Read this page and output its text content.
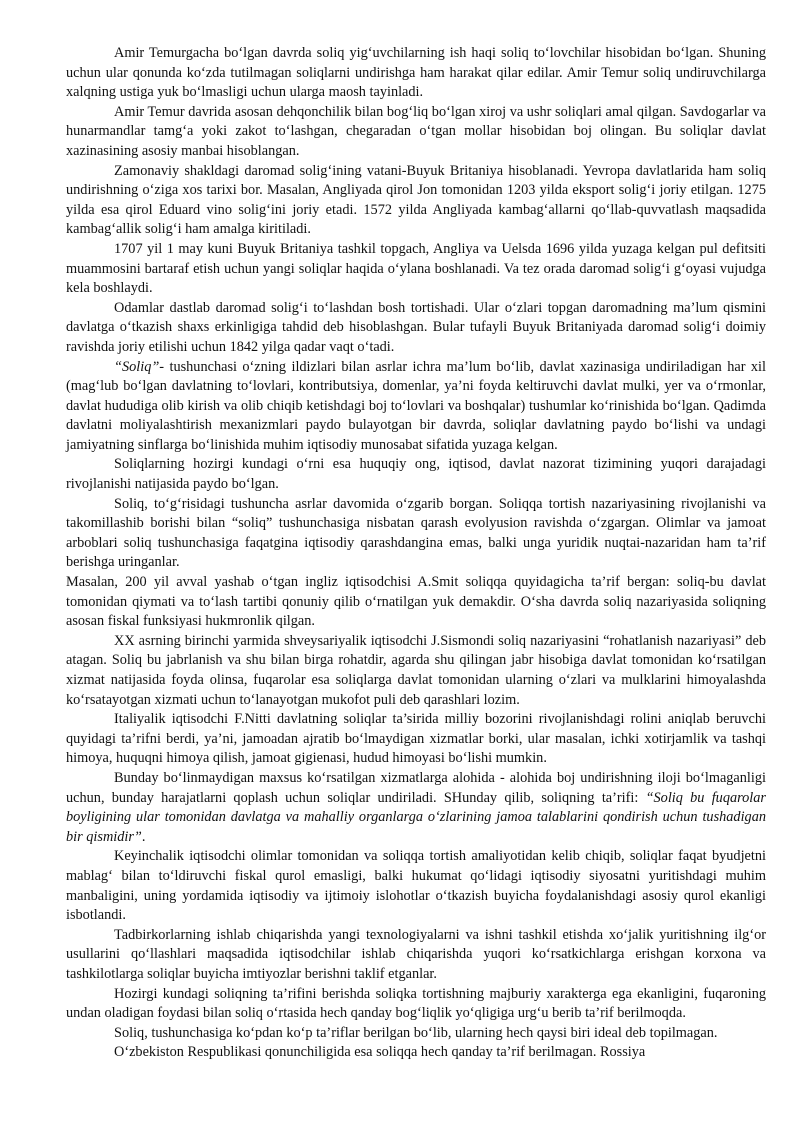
Amir Temurgacha bo‘lgan davrda soliq yig‘uvchilarning ish haqi soliq to‘lovchilar hisobidan bo‘lgan. Shuning uchun ular qonunda ko‘zda tutilmagan soliqlarni undirishga ham harakat qilar edilar. Amir Temur soliq undiruvchilarga xalqning ustiga yuk bo‘lmasligi uchun ularga maosh tayinladi.

Amir Temur davrida asosan dehqonchilik bilan bog‘liq bo‘lgan xiroj va ushr soliqlari amal qilgan. Savdogarlar va hunarmandlar tamg‘a yoki zakot to‘lashgan, chegaradan o‘tgan mollar hisobidan boj olingan. Bu soliqlar davlat xazinasining asosiy manbai hisoblangan.

Zamonaviy shakldagi daromad solig‘ining vatani-Buyuk Britaniya hisoblanadi. Yevropa davlatlarida ham soliq undirishning o‘ziga xos tarixi bor. Masalan, Angliyada qirol Jon tomonidan 1203 yilda eksport solig‘i joriy etilgan. 1275 yilda esa qirol Eduard vino solig‘ini joriy etadi. 1572 yilda Angliyada kambag‘allarni qo‘llab-quvvatlash maqsadida kambag‘allik solig‘i ham amalga kiritiladi.

1707 yil 1 may kuni Buyuk Britaniya tashkil topgach, Angliya va Uelsda 1696 yilda yuzaga kelgan pul defitsiti muammosini bartaraf etish uchun yangi soliqlar haqida o‘ylana boshlanadi. Va tez orada daromad solig‘i g‘oyasi vujudga kela boshlaydi.

Odamlar dastlab daromad solig‘i to‘lashdan bosh tortishadi. Ular o‘zlari topgan daromadning ma’lum qismini davlatga o‘tkazish shaxs erkinligiga tahdid deb hisoblashgan. Bular tufayli Buyuk Britaniyada daromad solig‘i doimiy ravishda joriy etilishi uchun 1842 yilga qadar vaqt o‘tadi.

“Soliq”- tushunchasi o‘zning ildizlari bilan asrlar ichra ma’lum bo‘lib, davlat xazinasiga undiriladigan har xil (mag‘lub bo‘lgan davlatning to‘lovlari, kontributsiya, domenlar, ya’ni foyda keltiruvchi davlat mulki, yer va o‘rmonlar, davlat hududiga olib kirish va olib chiqib ketishdagi boj to‘lovlari va boshqalar) tushumlar ko‘rinishida bo‘lgan. Qadimda davlatni moliyalashtirish mexanizmlari paydo bulayotgan bir davrda, soliqlar davlatning paydo bo‘lishi va undagi jamiyatning sinflarga bo‘linishida muhim iqtisodiy munosabat sifatida yuzaga kelgan.

Soliqlarning hozirgi kundagi o‘rni esa huquqiy ong, iqtisod, davlat nazorat tizimining yuqori darajadagi rivojlanishi natijasida paydo bo‘lgan.

Soliq, to‘g‘risidagi tushuncha asrlar davomida o‘zgarib borgan. Soliqqa tortish nazariyasining rivojlanishi va takomillashib borishi bilan “soliq” tushunchasiga nisbatan qarash evolyusion ravishda o‘zgargan. Olimlar va jamoat arboblari soliq tushunchasiga faqatgina iqtisodiy qarashdangina emas, balki unga yuridik nuqtai-nazaridan ham ta’rif berishga uringanlar.

Masalan, 200 yil avval yashab o‘tgan ingliz iqtisodchisi A.Smit soliqqa quyidagicha ta’rif bergan: soliq-bu davlat tomonidan qiymati va to‘lash tartibi qonuniy qilib o‘rnatilgan yuk demakdir. O‘sha davrda soliq nazariyasida soliqning asosan fiskal funksiyasi hukmronlik qilgan.

XX asrning birinchi yarmida shveysariyalik iqtisodchi J.Sismondi soliq nazariyasini “rohatlanish nazariyasi” deb atagan. Soliq bu jabrlanish va shu bilan birga rohatdir, agarda shu qilingan jabr hisobiga davlat tomonidan ko‘rsatilgan xizmat natijasida foyda olinsa, fuqarolar esa soliqlarga davlat tomonidan ularning o‘zlari va mulklarini himoyalashda ko‘rsatayotgan xizmati uchun to‘lanayotgan mukofot puli deb qarashlari lozim.

Italiyalik iqtisodchi F.Nitti davlatning soliqlar ta’sirida milliy bozorini rivojlanishdagi rolini aniqlab beruvchi quyidagi ta’rifni berdi, ya’ni, jamoadan ajratib bo‘lmaydigan xizmatlar borki, ular masalan, ichki xotirjamlik va tashqi himoya, huquqni himoya qilish, jamoat gigienasi, hudud himoyasi bo‘lishi mumkin.

Bunday bo‘linmaydigan maxsus ko‘rsatilgan xizmatlarga alohida - alohida boj undirishning iloji bo‘lmaganligi uchun, bunday harajatlarni qoplash uchun soliqlar undiriladi. SHunday qilib, soliqning ta’rifi: “Soliq bu fuqarolar boyligining ular tomonidan davlatga va mahalliy organlarga o‘zlarining jamoa talablarini qondirish uchun tushadigan bir qismidir”.

Keyinchalik iqtisodchi olimlar tomonidan va soliqqa tortish amaliyotidan kelib chiqib, soliqlar faqat byudjetni mablag‘ bilan to‘ldiruvchi fiskal qurol emasligi, balki hukumat qo‘lidagi iqtisodiy siyosatni yuritishdagi muhim manbaligini, uning yordamida iqtisodiy va ijtimoiy islohotlar o‘tkazish buyicha foydalanishdagi asosiy qurol ekanligi isbotlandi.

Tadbirkorlarning ishlab chiqarishda yangi texnologiyalarni va ishni tashkil etishda xo‘jalik yuritishning ilg‘or usullarini qo‘llashlari maqsadida iqtisodchilar ishlab chiqarishda yuqori ko‘rsatkichlarga erishgan korxona va tashkilotlarga soliqlar buyicha imtiyozlar berishni taklif etganlar.

Hozirgi kundagi soliqning ta’rifini berishda soliqka tortishning majburiy xarakterga ega ekanligini, fuqaroning undan oladigan foydasi bilan soliq o‘rtasida hech qanday bog‘liqlik yo‘qligiga urg‘u berib ta’rif berilmoqda.

Soliq, tushunchasiga ko‘pdan ko‘p ta’riflar berilgan bo‘lib, ularning hech qaysi biri ideal deb topilmagan.

O‘zbekiston Respublikasi qonunchiligida esa soliqqa hech qanday ta’rif berilmagan. Rossiya
